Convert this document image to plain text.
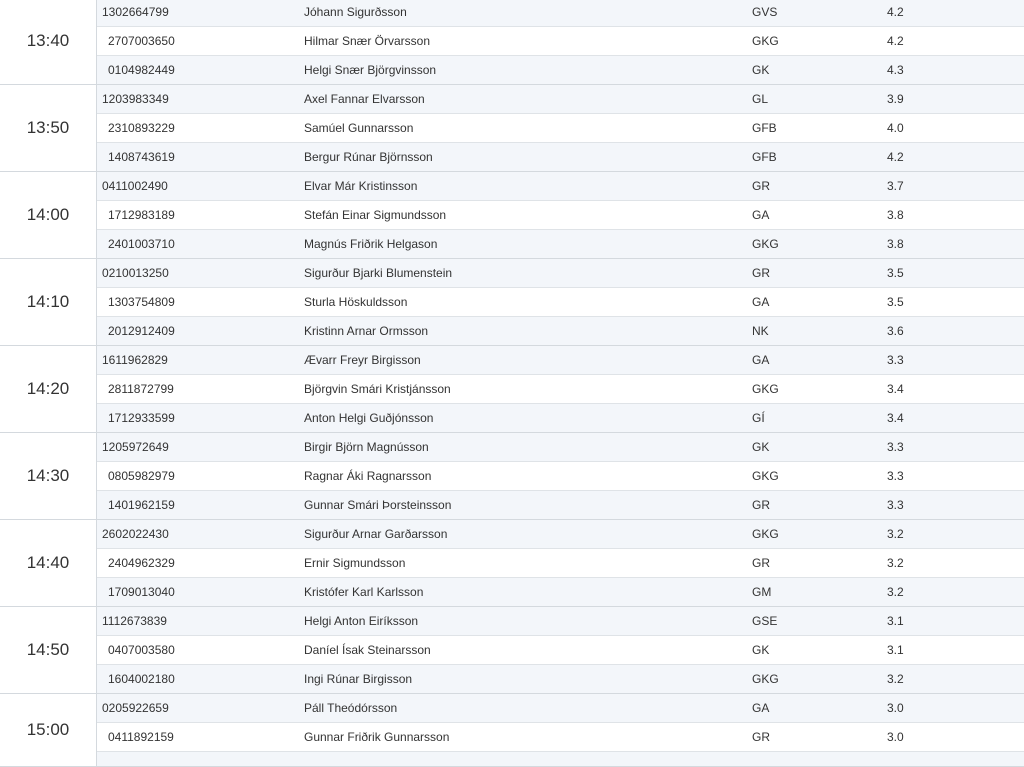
13:40
1302664799	Jóhann Sigurðsson	GVS	4.2
2707003650	Hilmar Snær Örvarsson	GKG	4.2
0104982449	Helgi Snær Björgvinsson	GK	4.3
13:50
1203983349	Axel Fannar Elvarsson	GL	3.9
2310893229	Samúel Gunnarsson	GFB	4.0
1408743619	Bergur Rúnar Björnsson	GFB	4.2
14:00
0411002490	Elvar Már Kristinsson	GR	3.7
1712983189	Stefán Einar Sigmundsson	GA	3.8
2401003710	Magnús Friðrik Helgason	GKG	3.8
14:10
0210013250	Sigurður Bjarki Blumenstein	GR	3.5
1303754809	Sturla Höskuldsson	GA	3.5
2012912409	Kristinn Arnar Ormsson	NK	3.6
14:20
1611962829	Ævarr Freyr Birgisson	GA	3.3
2811872799	Björgvin Smári Kristjánsson	GKG	3.4
1712933599	Anton Helgi Guðjónsson	GÍ	3.4
14:30
1205972649	Birgir Björn Magnússon	GK	3.3
0805982979	Ragnar Áki Ragnarsson	GKG	3.3
1401962159	Gunnar Smári Þorsteinsson	GR	3.3
14:40
2602022430	Sigurður Arnar Garðarsson	GKG	3.2
2404962329	Ernir Sigmundsson	GR	3.2
1709013040	Kristófer Karl Karlsson	GM	3.2
14:50
1112673839	Helgi Anton Eiríksson	GSE	3.1
0407003580	Daníel Ísak Steinarsson	GK	3.1
1604002180	Ingi Rúnar Birgisson	GKG	3.2
15:00
0205922659	Páll Theódórsson	GA	3.0
0411892159	Gunnar Friðrik Gunnarsson	GR	3.0
